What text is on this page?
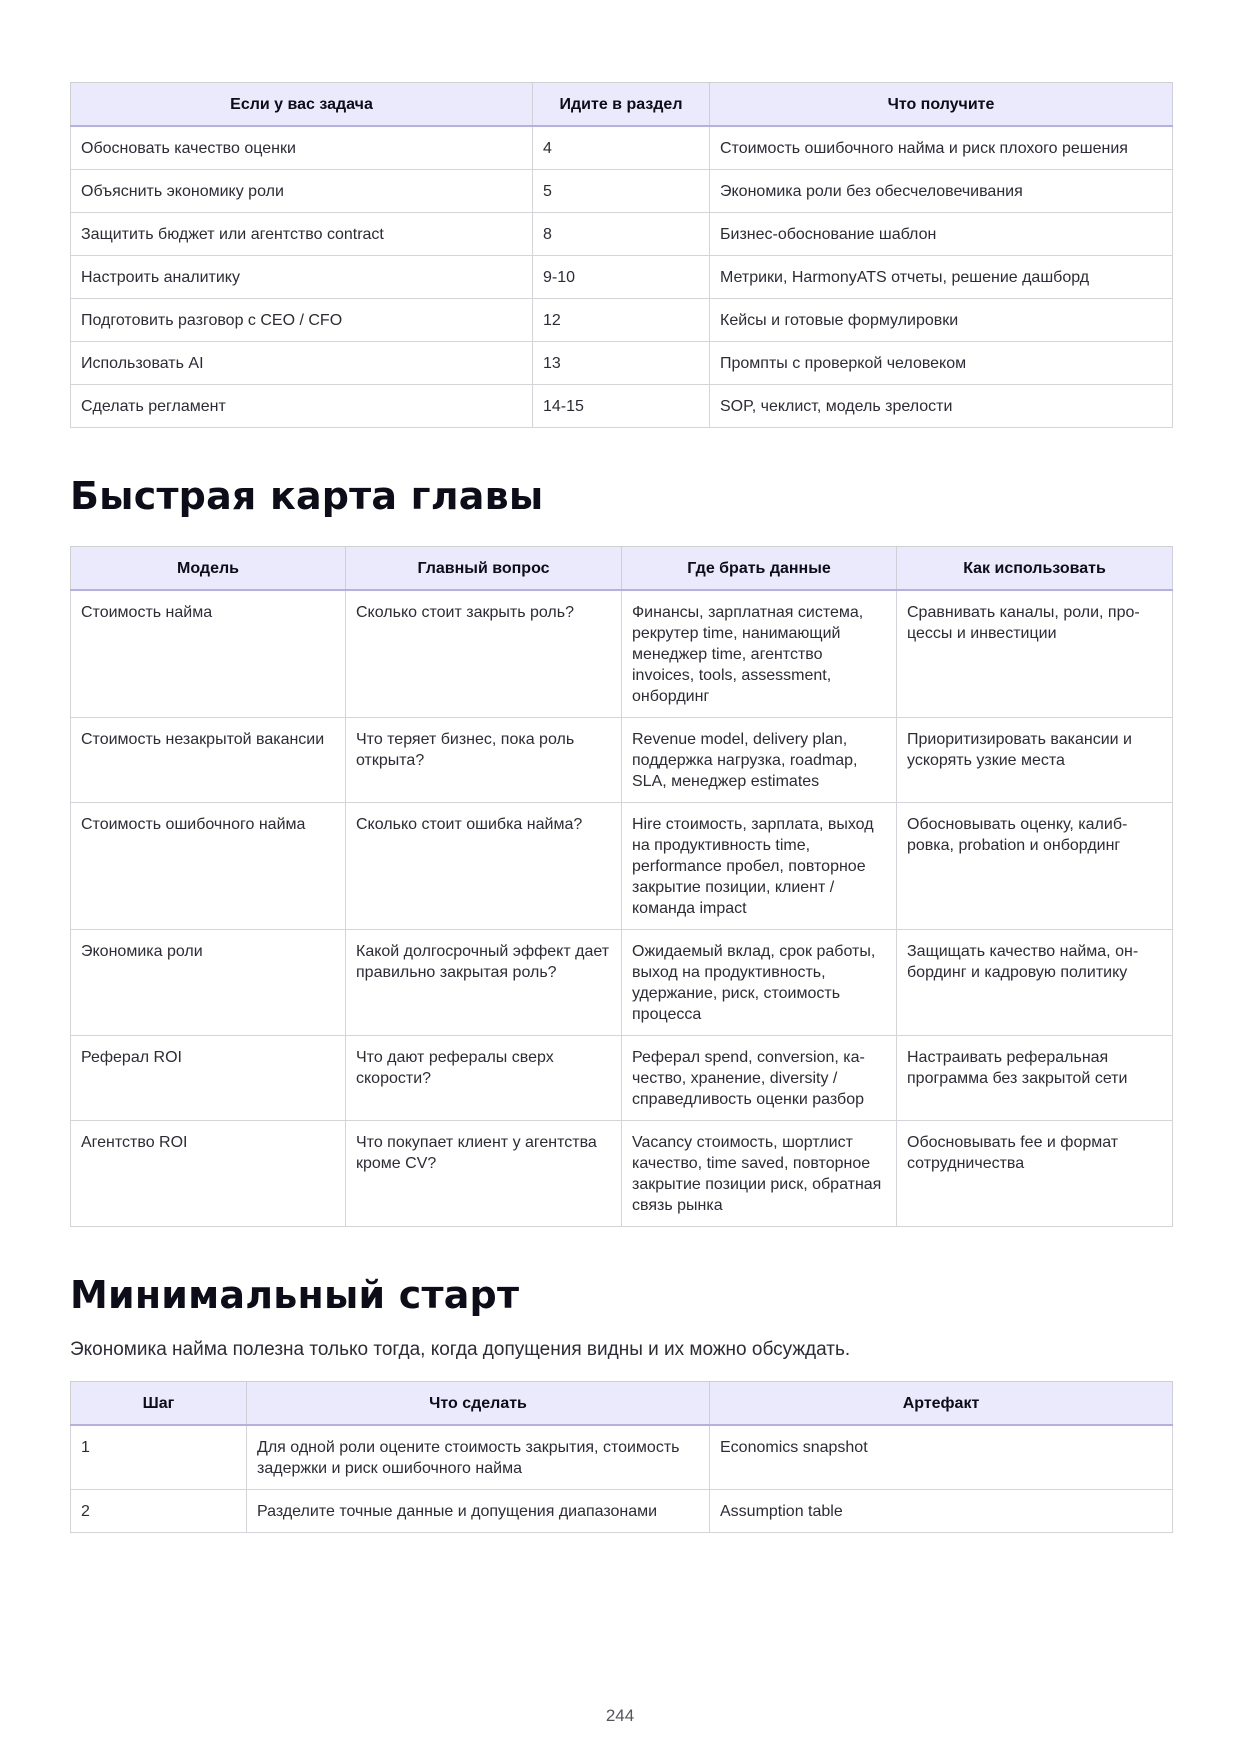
Если у вас задача	Идите в раздел	Что получите
Обосновать качество оценки	4	Стоимость ошибочного найма и риск плохого решения
Объяснить экономику роли	5	Экономика роли без обесчеловечивания
Защитить бюджет или агентство contract	8	Бизнес-обоснование шаблон
Настроить аналитику	9-10	Метрики, HarmonyATS отчеты, решение дашборд
Подготовить разговор с CEO / CFO	12	Кейсы и готовые формулировки
Использовать AI	13	Промпты с проверкой человеком
Сделать регламент	14-15	SOP, чеклист, модель зрелости
Быстрая карта главы
Модель	Главный вопрос	Где брать данные	Как использовать
Стоимость найма	Сколько стоит закрыть роль?	Финансы, зарплатная система, рекрутер time, нанимающий менеджер time, агентство invoices, tools, assessment, онбординг	Сравнивать каналы, роли, процессы и инвестиции
Стоимость незакрытой вакансии	Что теряет бизнес, пока роль открыта?	Revenue model, delivery plan, поддержка нагрузка, roadmap, SLA, менеджер estimates	Приоритизировать вакансии и ускорять узкие места
Стоимость ошибочного найма	Сколько стоит ошибка найма?	Hire стоимость, зарплата, выход на продуктивность time, performance пробел, повторное закрытие позиции, клиент / команда impact	Обосновывать оценку, калибровка, probation и онбординг
Экономика роли	Какой долгосрочный эффект дает правильно закрытая роль?	Ожидаемый вклад, срок работы, выход на продуктивность, удержание, риск, стоимость процесса	Защищать качество найма, онбординг и кадровую политику
Реферал ROI	Что дают рефералы сверх скорости?	Реферал spend, conversion, качество, хранение, diversity / справедливость оценки разбор	Настраивать реферальная программа без закрытой сети
Агентство ROI	Что покупает клиент у агентства кроме CV?	Vacancy стоимость, шортлист качество, time saved, повторное закрытие позиции риск, обратная связь рынка	Обосновывать fee и формат сотрудничества
Минимальный старт

Экономика найма полезна только тогда, когда допущения видны и их можно обсуждать.

Шаг	Что сделать	Артефакт
1	Для одной роли оцените стоимость закрытия, стоимость задержки и риск ошибочного найма	Economics snapshot
2	Разделите точные данные и допущения диапазонами	Assumption table
244
